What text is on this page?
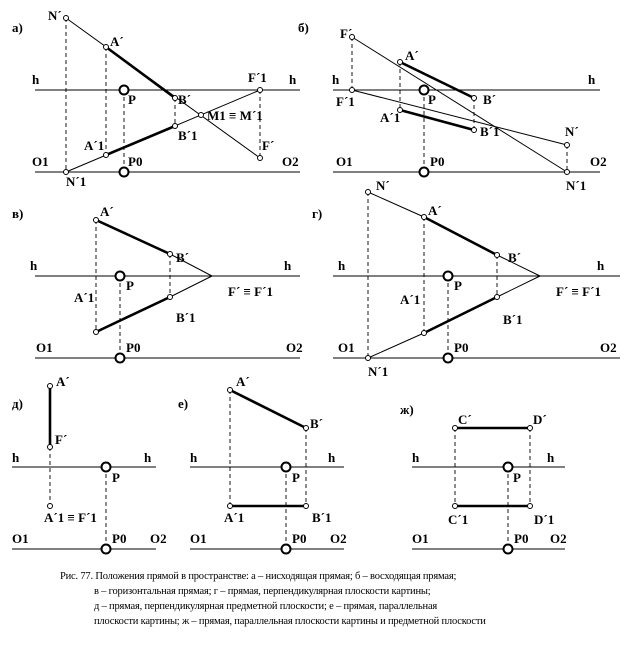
а)
N´
A´
h	h
F´1
P	B´
M1 ≡ M´1
A´1
B´1
F´
O1	P0	O2
N´1
б) F´
A´
h	h
P	B´
F´1
A´1
B´1	N´
O1	P0	O2
N´1
в)	A´
h	h
B´
P	F´ ≡ F´1
A´1
B´1
O1	P0	O2
г)
N´
A´
h	h
B´
P	F´ ≡ F´1
A´1
B´1
O1	P0	O2
N´1
д)
A´
F´
h	h
P
A´1 ≡ F´1
O1	P0 O2
е)
A´
B´
h	h
P
A´1	B´1
O1	P0 O2
ж)
C´	D´
h	h
P
C´1	D´1
O1	P0 O2
Рис. 77. Положения прямой в пространстве: а – нисходящая прямая; б – восходящая прямая;
в – горизонтальная прямая; г – прямая, перпендикулярная плоскости картины;
д – прямая, перпендикулярная предметной плоскости; е – прямая, параллельная
плоскости картины; ж – прямая, параллельная плоскости картины и предметной плоскости
